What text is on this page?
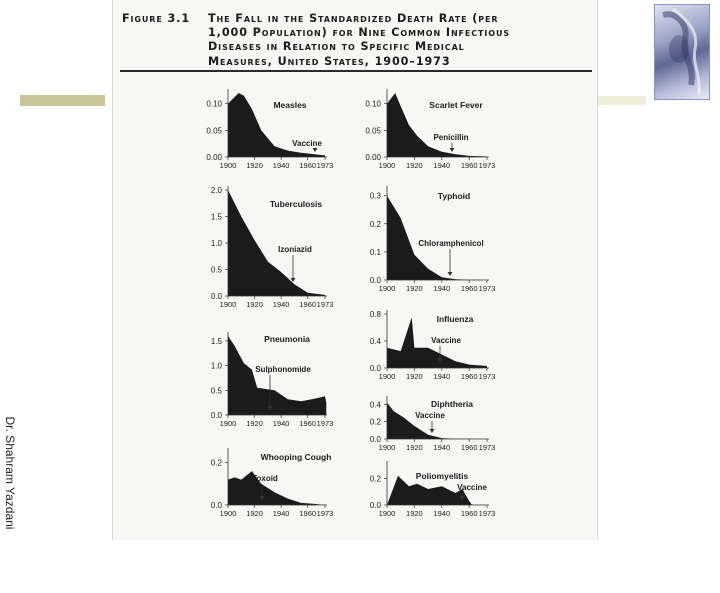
Figure 3.1 The Fall in the Standardized Death Rate (per
1,000 Population) for Nine Common Infectious
Diseases in Relation to Specific Medical
Measures, United States, 1900–1973
0.10
0.05
0.00
1900 1920 1940 1960 1973
Measles
Vaccine
0.10
0.05
0.00
1900 1920 1940 1960 1973
Scarlet Fever
Penicillin
2.0
1.5
1.0
0.5
0.0
1900 1920 1940 1960 1973
Tuberculosis
Izoniazid
0.3
0.2
0.1
0.0
1900 1920 1940 1960 1973
Typhoid
Chloramphenicol
1.5
1.0
0.5
0.0
1900 1920 1940 1960 1973
Pneumonia
Sulphonomide
0.8
0.4
0.0
1900 1920 1940 1960 1973
Influenza
Vaccine
0.2
0.0
1900 1920 1940 1960 1973
Whooping Cough
Vaccine
0.4
0.2
0.0
1900 1920 1940 1960 1973
Diphtheria
Toxoid	0.2
0.0
1900 1920 1940 1960 1973
Poliomyelitis
Vaccine
Dr. Shahram Yazdani
